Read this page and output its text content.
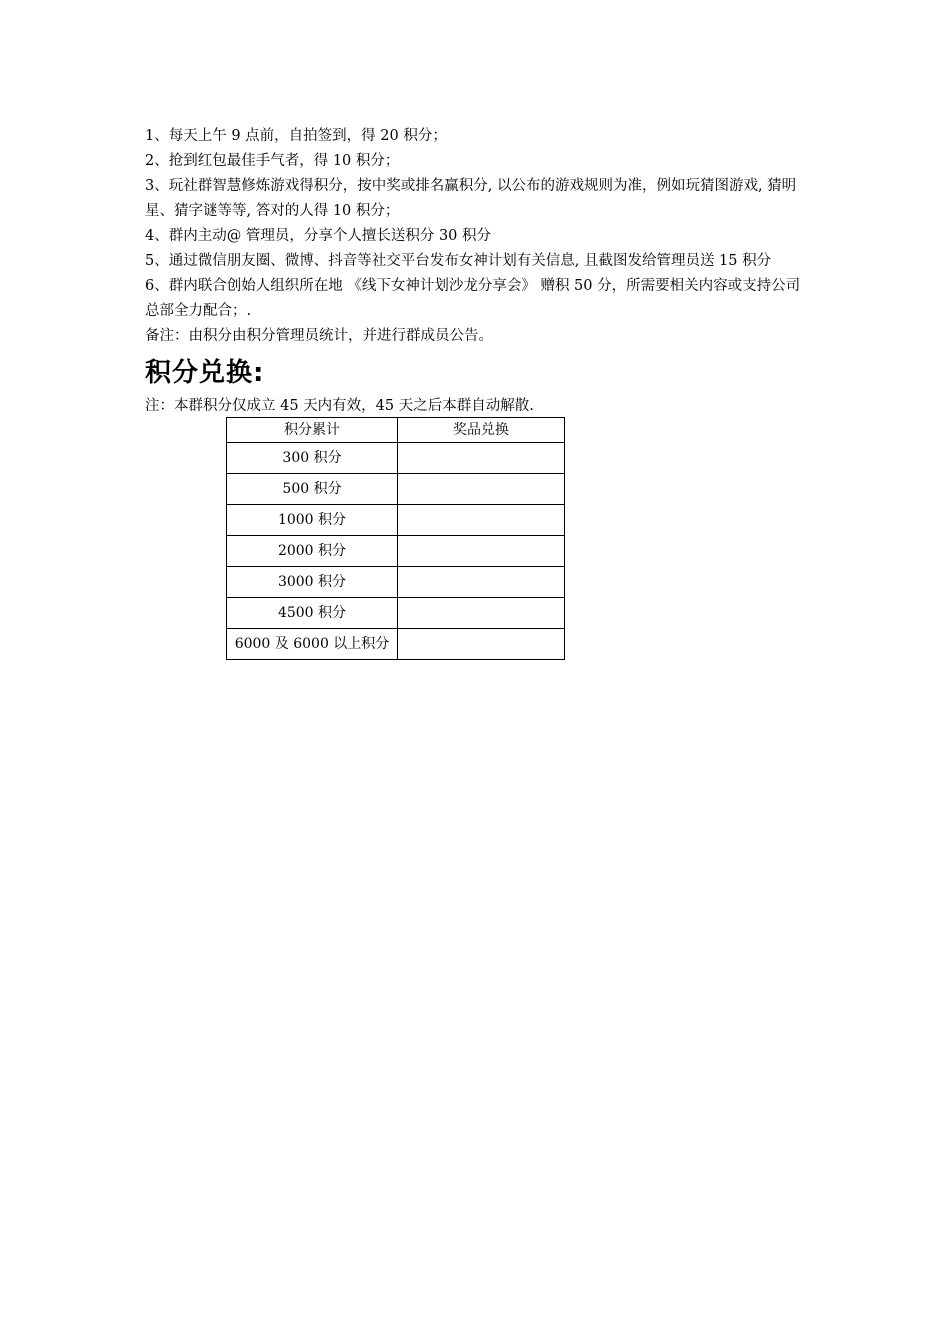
1、每天上午 9 点前，自拍签到，得 20 积分；

2、抢到红包最佳手气者，得 10 积分；

3、玩社群智慧修炼游戏得积分，按中奖或排名赢积分, 以公布的游戏规则为准，例如玩猜图游戏, 猜明星、猜字谜等等, 答对的人得 10 积分；

4、群内主动@ 管理员，分享个人擅长送积分 30 积分

5、通过微信朋友圈、微博、抖音等社交平台发布女神计划有关信息, 且截图发给管理员送 15 积分

6、群内联合创始人组织所在地 《线下女神计划沙龙分享会》 赠积 50 分，所需要相关内容或支持公司总部全力配合；.

备注：由积分由积分管理员统计，并进行群成员公告。

积分兑换:

注：本群积分仅成立 45 天内有效，45 天之后本群自动解散.

积分累计	奖品兑换
300 积分	
500 积分	
1000 积分	
2000 积分	
3000 积分	
4500 积分	
6000 及 6000 以上积分	
